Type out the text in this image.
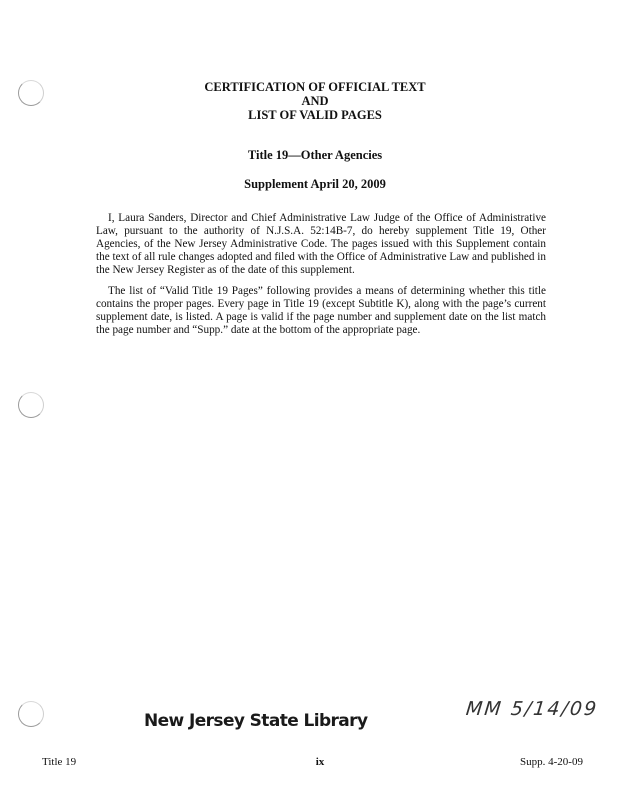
CERTIFICATION OF OFFICIAL TEXT
AND
LIST OF VALID PAGES
Title 19—Other Agencies
Supplement April 20, 2009

I, Laura Sanders, Director and Chief Administrative Law Judge of the Office of Administrative Law, pursuant to the authority of N.J.S.A. 52:14B-7, do hereby supplement Title 19, Other Agencies, of the New Jersey Administrative Code. The pages issued with this Supplement contain the text of all rule changes adopted and filed with the Office of Administrative Law and published in the New Jersey Register as of the date of this supplement.

The list of “Valid Title 19 Pages” following provides a means of determining whether this title contains the proper pages. Every page in Title 19 (except Subtitle K), along with the page’s current supplement date, is listed. A page is valid if the page number and supplement date on the list match the page number and “Supp.” date at the bottom of the appropriate page.

New Jersey State Library
MM 5/14/09
Title 19	ix	Supp. 4-20-09
